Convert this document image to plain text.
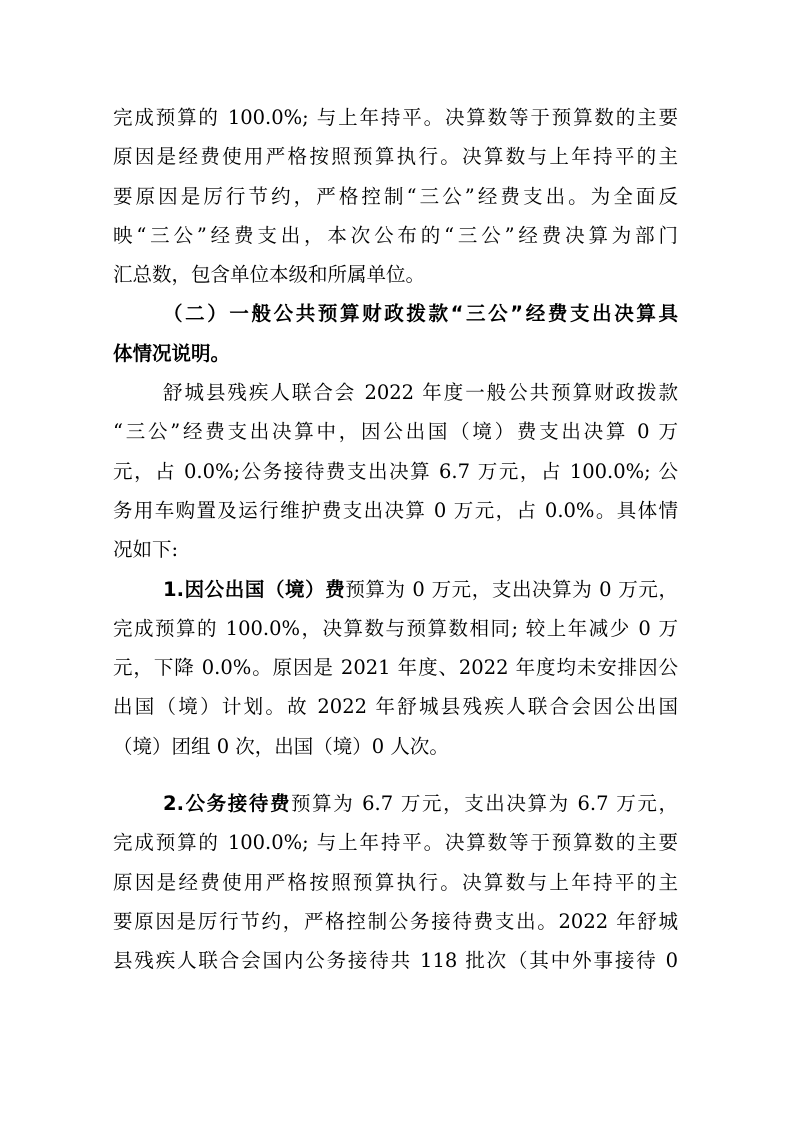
完成预算的 100.0%; 与上年持平。决算数等于预算数的主要
原因是经费使用严格按照预算执行。决算数与上年持平的主
要原因是厉行节约，严格控制“三公”经费支出。为全面反
映“三公”经费支出，本次公布的“三公”经费决算为部门
汇总数，包含单位本级和所属单位。
（二）一般公共预算财政拨款“三公”经费支出决算具
体情况说明。
舒城县残疾人联合会 2022 年度一般公共预算财政拨款
“三公”经费支出决算中，因公出国（境）费支出决算 0 万
元，占 0.0%;公务接待费支出决算 6.7 万元，占 100.0%; 公
务用车购置及运行维护费支出决算 0 万元，占 0.0%。具体情
况如下:
1.因公出国（境）费预算为 0 万元，支出决算为 0 万元，
完成预算的 100.0%，决算数与预算数相同; 较上年减少 0 万
元，下降 0.0%。原因是 2021 年度、2022 年度均未安排因公
出国（境）计划。故 2022 年舒城县残疾人联合会因公出国
（境）团组 0 次，出国（境）0 人次。
2.公务接待费预算为 6.7 万元，支出决算为 6.7 万元，
完成预算的 100.0%; 与上年持平。决算数等于预算数的主要
原因是经费使用严格按照预算执行。决算数与上年持平的主
要原因是厉行节约，严格控制公务接待费支出。2022 年舒城
县残疾人联合会国内公务接待共 118 批次（其中外事接待 0
